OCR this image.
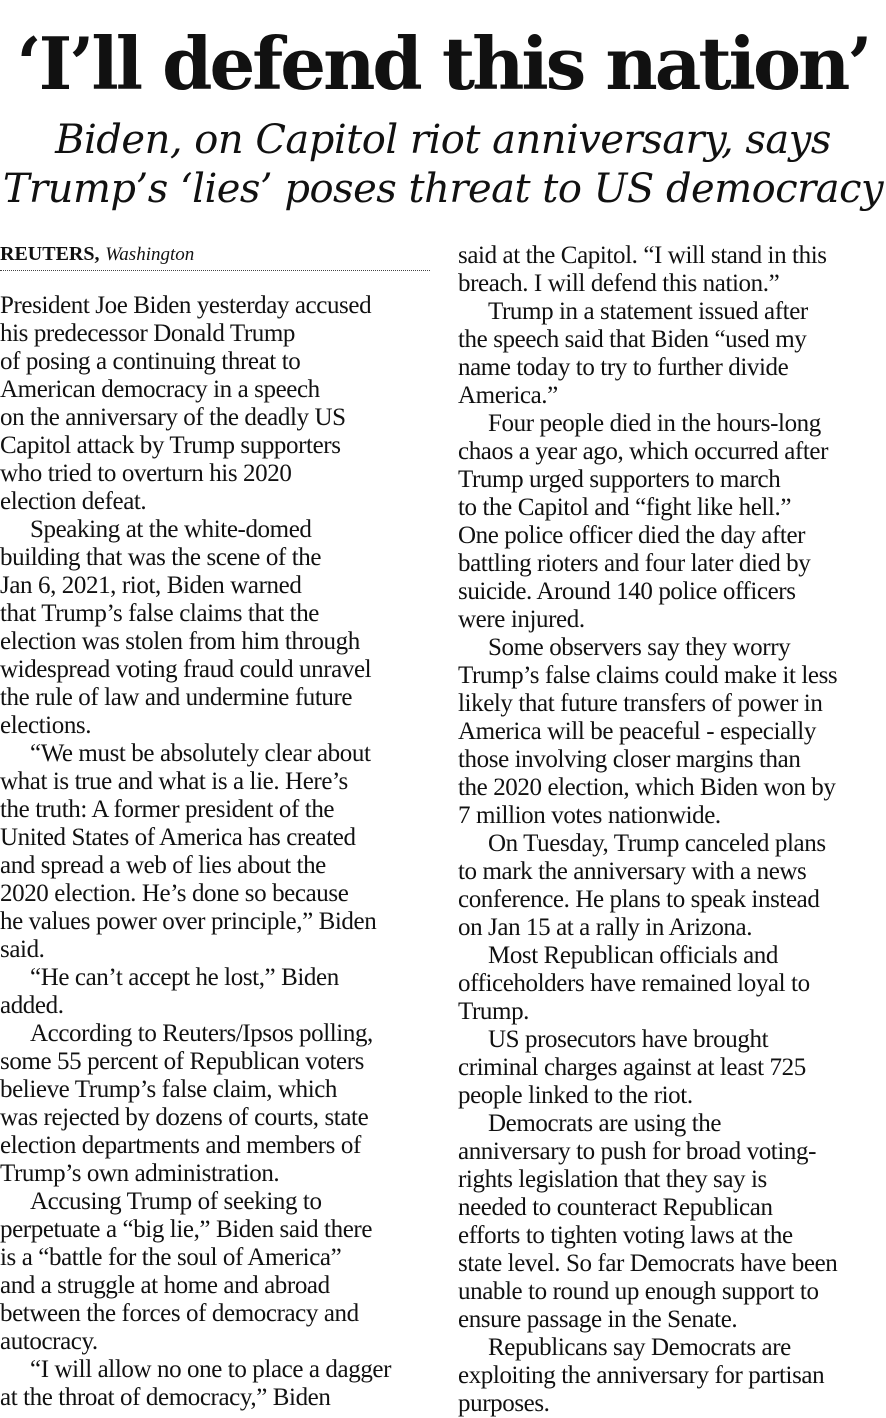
‘I’ll defend this nation’
Biden, on Capitol riot anniversary, says
Trump’s ‘lies’ poses threat to US democracy
REUTERS, Washington
President Joe Biden yesterday accused
his predecessor Donald Trump
of posing a continuing threat to
American democracy in a speech
on the anniversary of the deadly US
Capitol attack by Trump supporters
who tried to overturn his 2020
election defeat.
Speaking at the white-domed
building that was the scene of the
Jan 6, 2021, riot, Biden warned
that Trump’s false claims that the
election was stolen from him through
widespread voting fraud could unravel
the rule of law and undermine future
elections.
“We must be absolutely clear about
what is true and what is a lie. Here’s
the truth: A former president of the
United States of America has created
and spread a web of lies about the
2020 election. He’s done so because
he values power over principle,” Biden
said.
“He can’t accept he lost,” Biden
added.
According to Reuters/Ipsos polling,
some 55 percent of Republican voters
believe Trump’s false claim, which
was rejected by dozens of courts, state
election departments and members of
Trump’s own administration.
Accusing Trump of seeking to
perpetuate a “big lie,” Biden said there
is a “battle for the soul of America”
and a struggle at home and abroad
between the forces of democracy and
autocracy.
“I will allow no one to place a dagger
at the throat of democracy,” Biden
said at the Capitol. “I will stand in this
breach. I will defend this nation.”
Trump in a statement issued after
the speech said that Biden “used my
name today to try to further divide
America.”
Four people died in the hours-long
chaos a year ago, which occurred after
Trump urged supporters to march
to the Capitol and “fight like hell.”
One police officer died the day after
battling rioters and four later died by
suicide. Around 140 police officers
were injured.
Some observers say they worry
Trump’s false claims could make it less
likely that future transfers of power in
America will be peaceful - especially
those involving closer margins than
the 2020 election, which Biden won by
7 million votes nationwide.
On Tuesday, Trump canceled plans
to mark the anniversary with a news
conference. He plans to speak instead
on Jan 15 at a rally in Arizona.
Most Republican officials and
officeholders have remained loyal to
Trump.
US prosecutors have brought
criminal charges against at least 725
people linked to the riot.
Democrats are using the
anniversary to push for broad voting-
rights legislation that they say is
needed to counteract Republican
efforts to tighten voting laws at the
state level. So far Democrats have been
unable to round up enough support to
ensure passage in the Senate.
Republicans say Democrats are
exploiting the anniversary for partisan
purposes.
